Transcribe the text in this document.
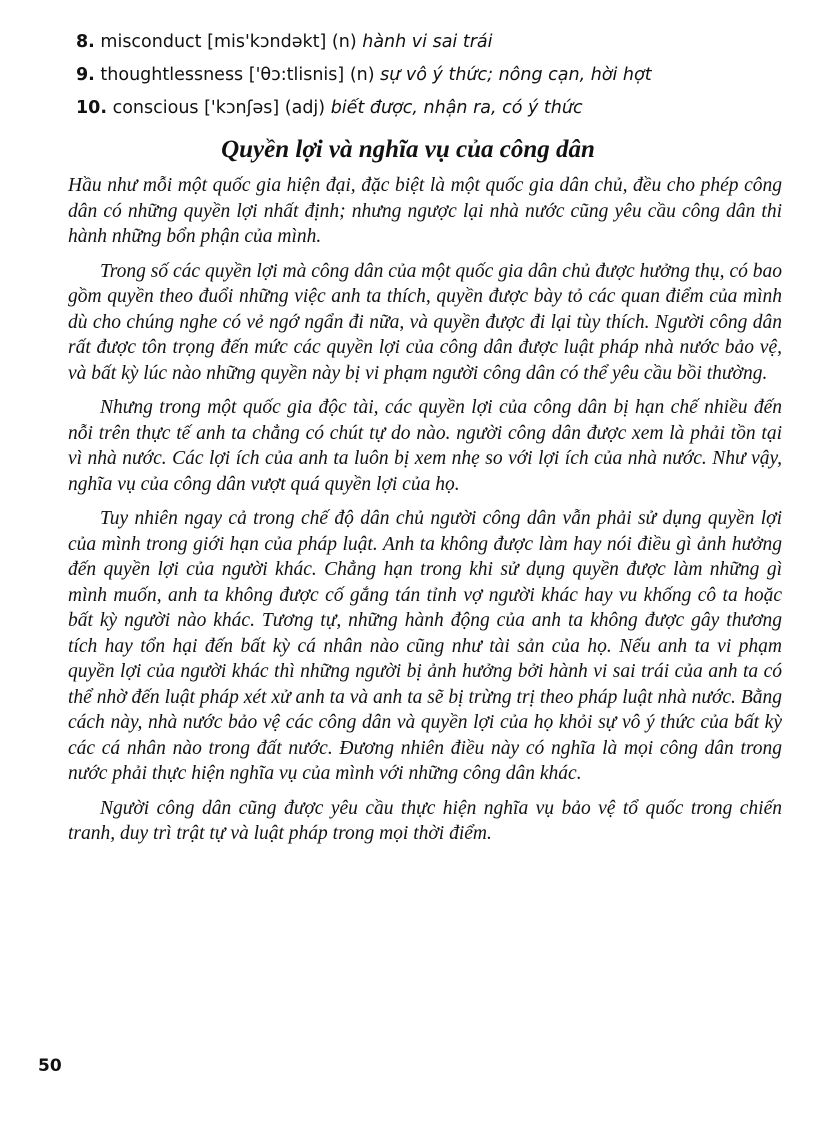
8. misconduct [mis'kɔndəkt] (n) hành vi sai trái
9. thoughtlessness ['θɔ:tlisnis] (n) sự vô ý thức; nông cạn, hời hợt
10. conscious ['kɔnʃəs] (adj) biết được, nhận ra, có ý thức
Quyền lợi và nghĩa vụ của công dân

Hầu như mỗi một quốc gia hiện đại, đặc biệt là một quốc gia dân chủ, đều cho phép công dân có những quyền lợi nhất định; nhưng ngược lại nhà nước cũng yêu cầu công dân thi hành những bổn phận của mình.

Trong số các quyền lợi mà công dân của một quốc gia dân chủ được hưởng thụ, có bao gồm quyền theo đuổi những việc anh ta thích, quyền được bày tỏ các quan điểm của mình dù cho chúng nghe có vẻ ngớ ngẩn đi nữa, và quyền được đi lại tùy thích. Người công dân rất được tôn trọng đến mức các quyền lợi của công dân được luật pháp nhà nước bảo vệ, và bất kỳ lúc nào những quyền này bị vi phạm người công dân có thể yêu cầu bồi thường.

Nhưng trong một quốc gia độc tài, các quyền lợi của công dân bị hạn chế nhiều đến nỗi trên thực tế anh ta chẳng có chút tự do nào. người công dân được xem là phải tồn tại vì nhà nước. Các lợi ích của anh ta luôn bị xem nhẹ so với lợi ích của nhà nước. Như vậy, nghĩa vụ của công dân vượt quá quyền lợi của họ.

Tuy nhiên ngay cả trong chế độ dân chủ người công dân vẫn phải sử dụng quyền lợi của mình trong giới hạn của pháp luật. Anh ta không được làm hay nói điều gì ảnh hưởng đến quyền lợi của người khác. Chẳng hạn trong khi sử dụng quyền được làm những gì mình muốn, anh ta không được cố gắng tán tỉnh vợ người khác hay vu khống cô ta hoặc bất kỳ người nào khác. Tương tự, những hành động của anh ta không được gây thương tích hay tổn hại đến bất kỳ cá nhân nào cũng như tài sản của họ. Nếu anh ta vi phạm quyền lợi của người khác thì những người bị ảnh hưởng bởi hành vi sai trái của anh ta có thể nhờ đến luật pháp xét xử anh ta và anh ta sẽ bị trừng trị theo pháp luật nhà nước. Bằng cách này, nhà nước bảo vệ các công dân và quyền lợi của họ khỏi sự vô ý thức của bất kỳ các cá nhân nào trong đất nước. Đương nhiên điều này có nghĩa là mọi công dân trong nước phải thực hiện nghĩa vụ của mình với những công dân khác.

Người công dân cũng được yêu cầu thực hiện nghĩa vụ bảo vệ tổ quốc trong chiến tranh, duy trì trật tự và luật pháp trong mọi thời điểm.

50
